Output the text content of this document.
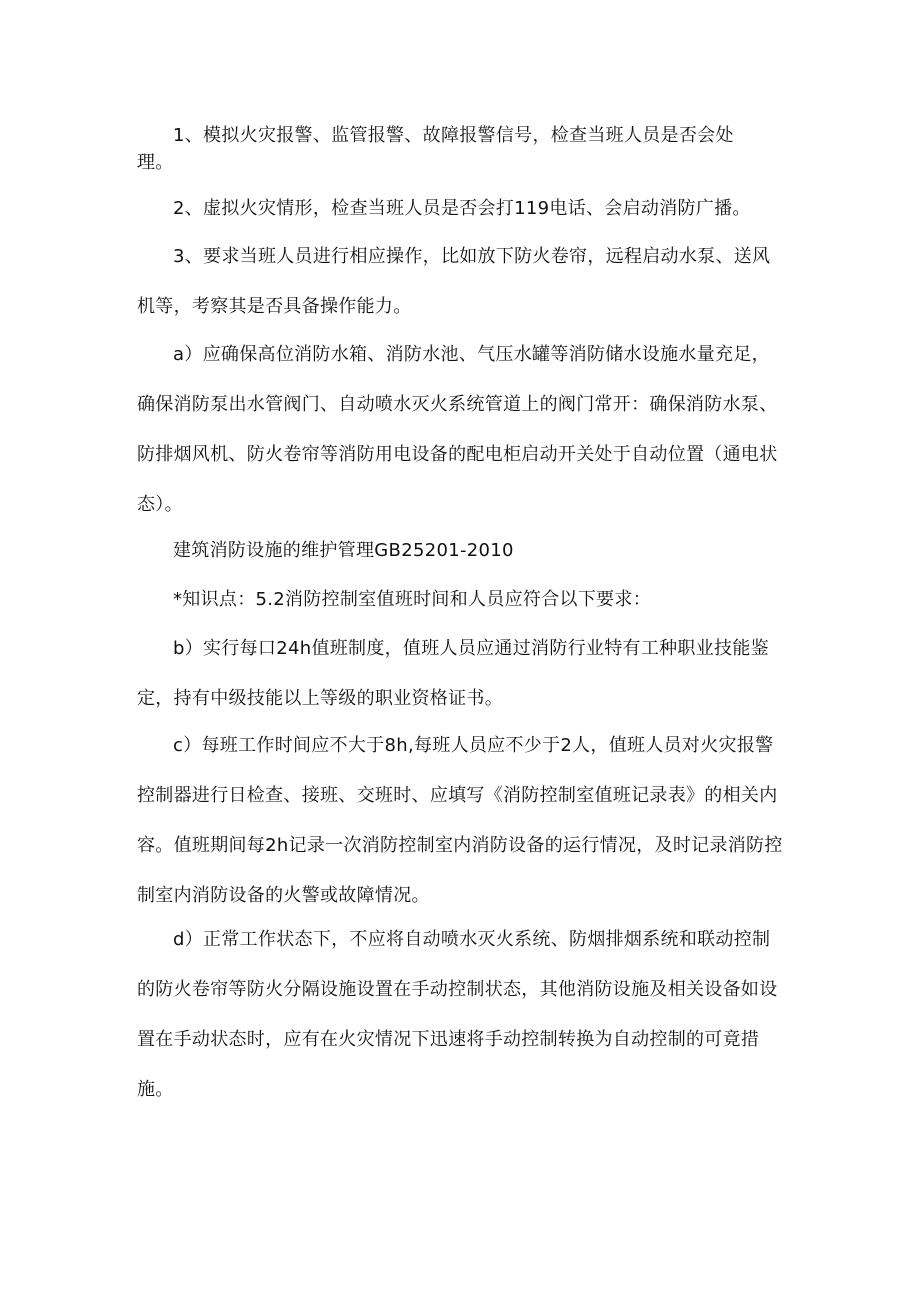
1、模拟火灾报警、监管报警、故障报警信号，检查当班人员是否会处理。

2、虚拟火灾情形，检查当班人员是否会打119电话、会启动消防广播。

3、要求当班人员进行相应操作，比如放下防火卷帘，远程启动水泵、送风机等，考察其是否具备操作能力。

a）应确保高位消防水箱、消防水池、气压水罐等消防储水设施水量充足，确保消防泵出水管阀门、自动喷水灭火系统管道上的阀门常开：确保消防水泵、防排烟风机、防火卷帘等消防用电设备的配电柜启动开关处于自动位置（通电状态）。

建筑消防设施的维护管理GB25201-2010

*知识点：5.2消防控制室值班时间和人员应符合以下要求：

b）实行每口24h值班制度，值班人员应通过消防行业特有工种职业技能鉴定，持有中级技能以上等级的职业资格证书。

c）每班工作时间应不大于8h,每班人员应不少于2人，值班人员对火灾报警控制器进行日检查、接班、交班时、应填写《消防控制室值班记录表》的相关内容。值班期间每2h记录一次消防控制室内消防设备的运行情况，及时记录消防控制室内消防设备的火警或故障情况。

d）正常工作状态下，不应将自动喷水灭火系统、防烟排烟系统和联动控制的防火卷帘等防火分隔设施设置在手动控制状态，其他消防设施及相关设备如设置在手动状态时，应有在火灾情况下迅速将手动控制转换为自动控制的可竟措施。
